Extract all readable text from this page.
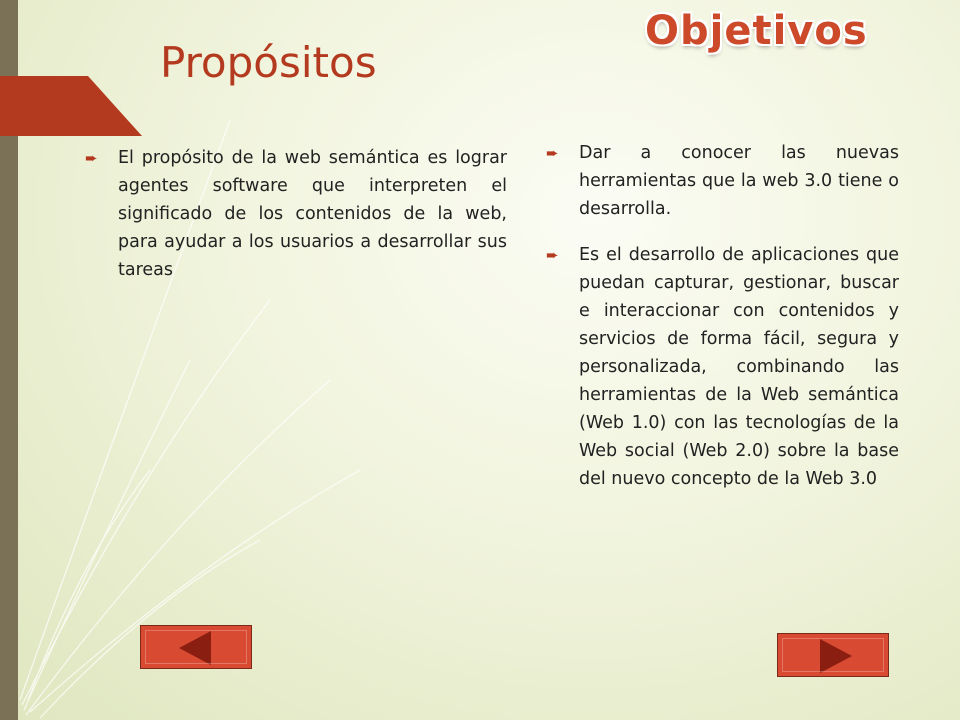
Propósitos
Objetivos
➨ El propósito de la web semántica es lograr agentes software que interpreten el significado de los contenidos de la web, para ayudar a los usuarios a desarrollar sus tareas
➨ Dar a conocer las nuevas herramientas que la web 3.0 tiene o desarrolla.
➨ Es el desarrollo de aplicaciones que puedan capturar, gestionar, buscar e interaccionar con contenidos y servicios de forma fácil, segura y personalizada, combinando las herramientas de la Web semántica (Web 1.0) con las tecnologías de la Web social (Web 2.0) sobre la base del nuevo concepto de la Web 3.0
